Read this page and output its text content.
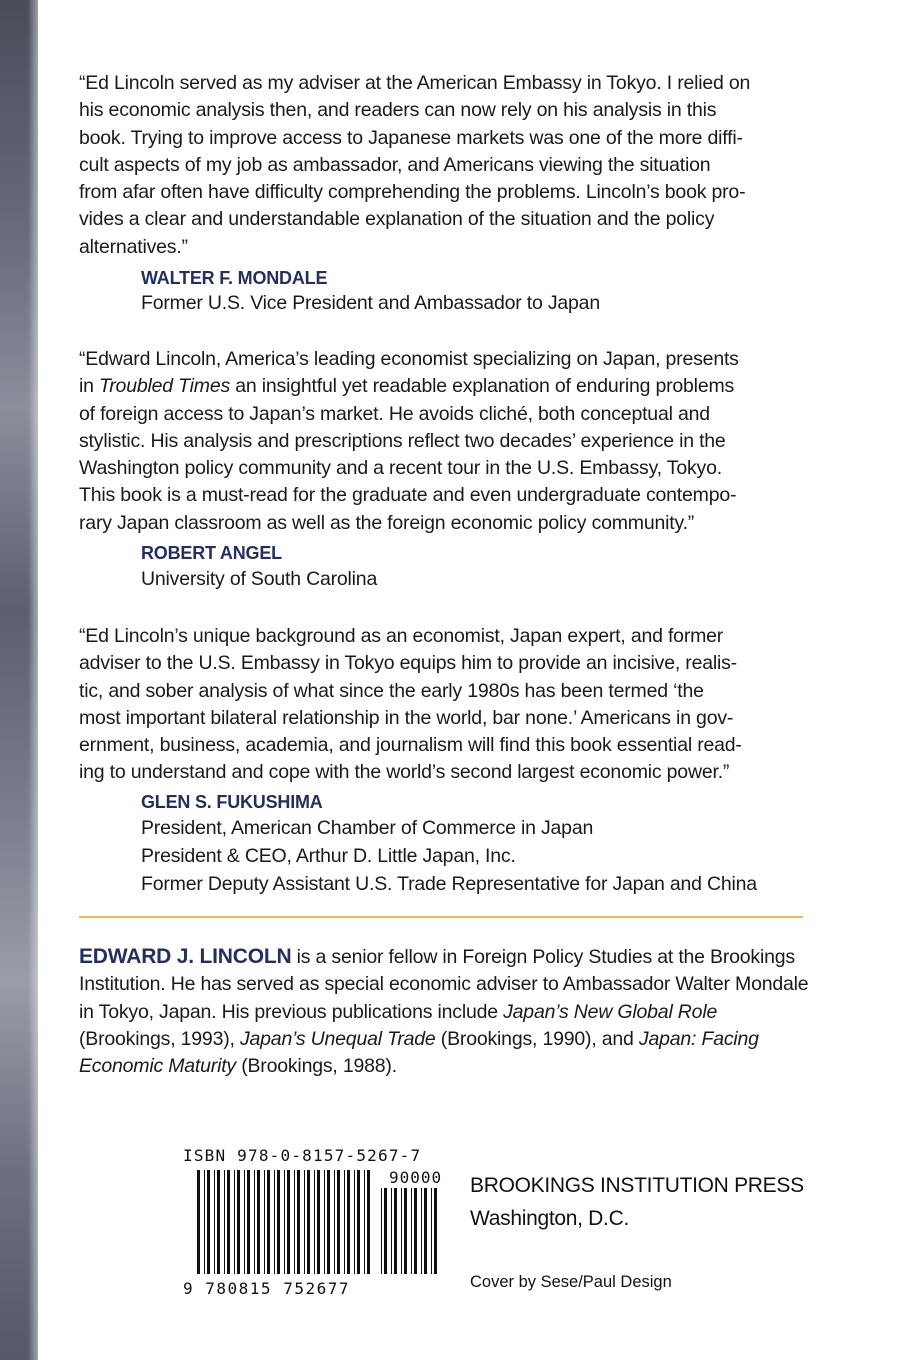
“Ed Lincoln served as my adviser at the American Embassy in Tokyo. I relied on
his economic analysis then, and readers can now rely on his analysis in this
book. Trying to improve access to Japanese markets was one of the more diffi-
cult aspects of my job as ambassador, and Americans viewing the situation
from afar often have difficulty comprehending the problems. Lincoln’s book pro-
vides a clear and understandable explanation of the situation and the policy
alternatives.”

WALTER F. MONDALE

Former U.S. Vice President and Ambassador to Japan

“Edward Lincoln, America’s leading economist specializing on Japan, presents
in Troubled Times an insightful yet readable explanation of enduring problems
of foreign access to Japan’s market. He avoids cliché, both conceptual and
stylistic. His analysis and prescriptions reflect two decades’ experience in the
Washington policy community and a recent tour in the U.S. Embassy, Tokyo.
This book is a must-read for the graduate and even undergraduate contempo-
rary Japan classroom as well as the foreign economic policy community.”

ROBERT ANGEL

University of South Carolina

“Ed Lincoln’s unique background as an economist, Japan expert, and former
adviser to the U.S. Embassy in Tokyo equips him to provide an incisive, realis-
tic, and sober analysis of what since the early 1980s has been termed ‘the
most important bilateral relationship in the world, bar none.’ Americans in gov-
ernment, business, academia, and journalism will find this book essential read-
ing to understand and cope with the world’s second largest economic power.”

GLEN S. FUKUSHIMA

President, American Chamber of Commerce in Japan

President & CEO, Arthur D. Little Japan, Inc.

Former Deputy Assistant U.S. Trade Representative for Japan and China

EDWARD J. LINCOLN is a senior fellow in Foreign Policy Studies at the Brookings Institution. He has served as special economic adviser to Ambassador Walter Mondale in Tokyo, Japan. His previous publications include Japan’s New Global Role (Brookings, 1993), Japan’s Unequal Trade (Brookings, 1990), and Japan: Facing Economic Maturity (Brookings, 1988).

ISBN 978-0-8157-5267-7
90000
9 780815 752677

BROOKINGS INSTITUTION PRESS

Washington, D.C.

Cover by Sese/Paul Design
